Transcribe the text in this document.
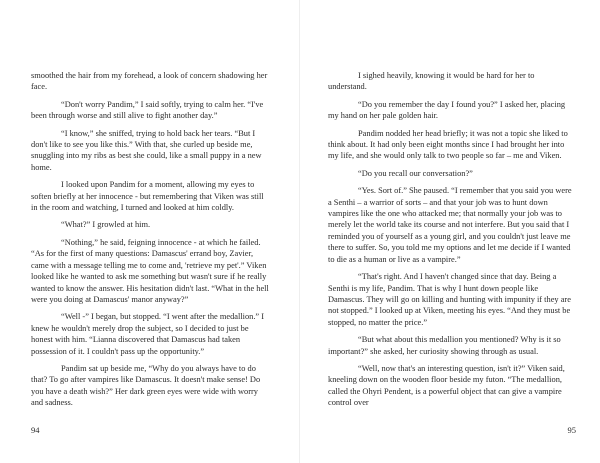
smoothed the hair from my forehead, a look of concern shadowing her face.

“Don't worry Pandim,” I said softly, trying to calm her. “I've been through worse and still alive to fight another day.”

“I know,” she sniffed, trying to hold back her tears. “But I don't like to see you like this.” With that, she curled up beside me, snuggling into my ribs as best she could, like a small puppy in a new home.

I looked upon Pandim for a moment, allowing my eyes to soften briefly at her innocence - but remembering that Viken was still in the room and watching, I turned and looked at him coldly.

“What?” I growled at him.

“Nothing,” he said, feigning innocence - at which he failed. “As for the first of many questions: Damascus' errand boy, Zavier, came with a message telling me to come and, 'retrieve my pet'.” Viken looked like he wanted to ask me something but wasn't sure if he really wanted to know the answer. His hesitation didn't last. “What in the hell were you doing at Damascus' manor anyway?”

“Well -” I began, but stopped. “I went after the medallion.” I knew he wouldn't merely drop the subject, so I decided to just be honest with him. “Lianna discovered that Damascus had taken possession of it. I couldn't pass up the opportunity.”

Pandim sat up beside me, “Why do you always have to do that? To go after vampires like Damascus. It doesn't make sense! Do you have a death wish?” Her dark green eyes were wide with worry and sadness.

94

I sighed heavily, knowing it would be hard for her to understand.

“Do you remember the day I found you?” I asked her, placing my hand on her pale golden hair.

Pandim nodded her head briefly; it was not a topic she liked to think about. It had only been eight months since I had brought her into my life, and she would only talk to two people so far – me and Viken.

“Do you recall our conversation?”

“Yes. Sort of.” She paused. “I remember that you said you were a Senthi – a warrior of sorts – and that your job was to hunt down vampires like the one who attacked me; that normally your job was to merely let the world take its course and not interfere. But you said that I reminded you of yourself as a young girl, and you couldn't just leave me there to suffer. So, you told me my options and let me decide if I wanted to die as a human or live as a vampire.”

“That's right. And I haven't changed since that day. Being a Senthi is my life, Pandim. That is why I hunt down people like Damascus. They will go on killing and hunting with impunity if they are not stopped.” I looked up at Viken, meeting his eyes. “And they must be stopped, no matter the price.”

“But what about this medallion you mentioned? Why is it so important?” she asked, her curiosity showing through as usual.

“Well, now that's an interesting question, isn't it?” Viken said, kneeling down on the wooden floor beside my futon. “The medallion, called the Ohyri Pendent, is a powerful object that can give a vampire control over

95
